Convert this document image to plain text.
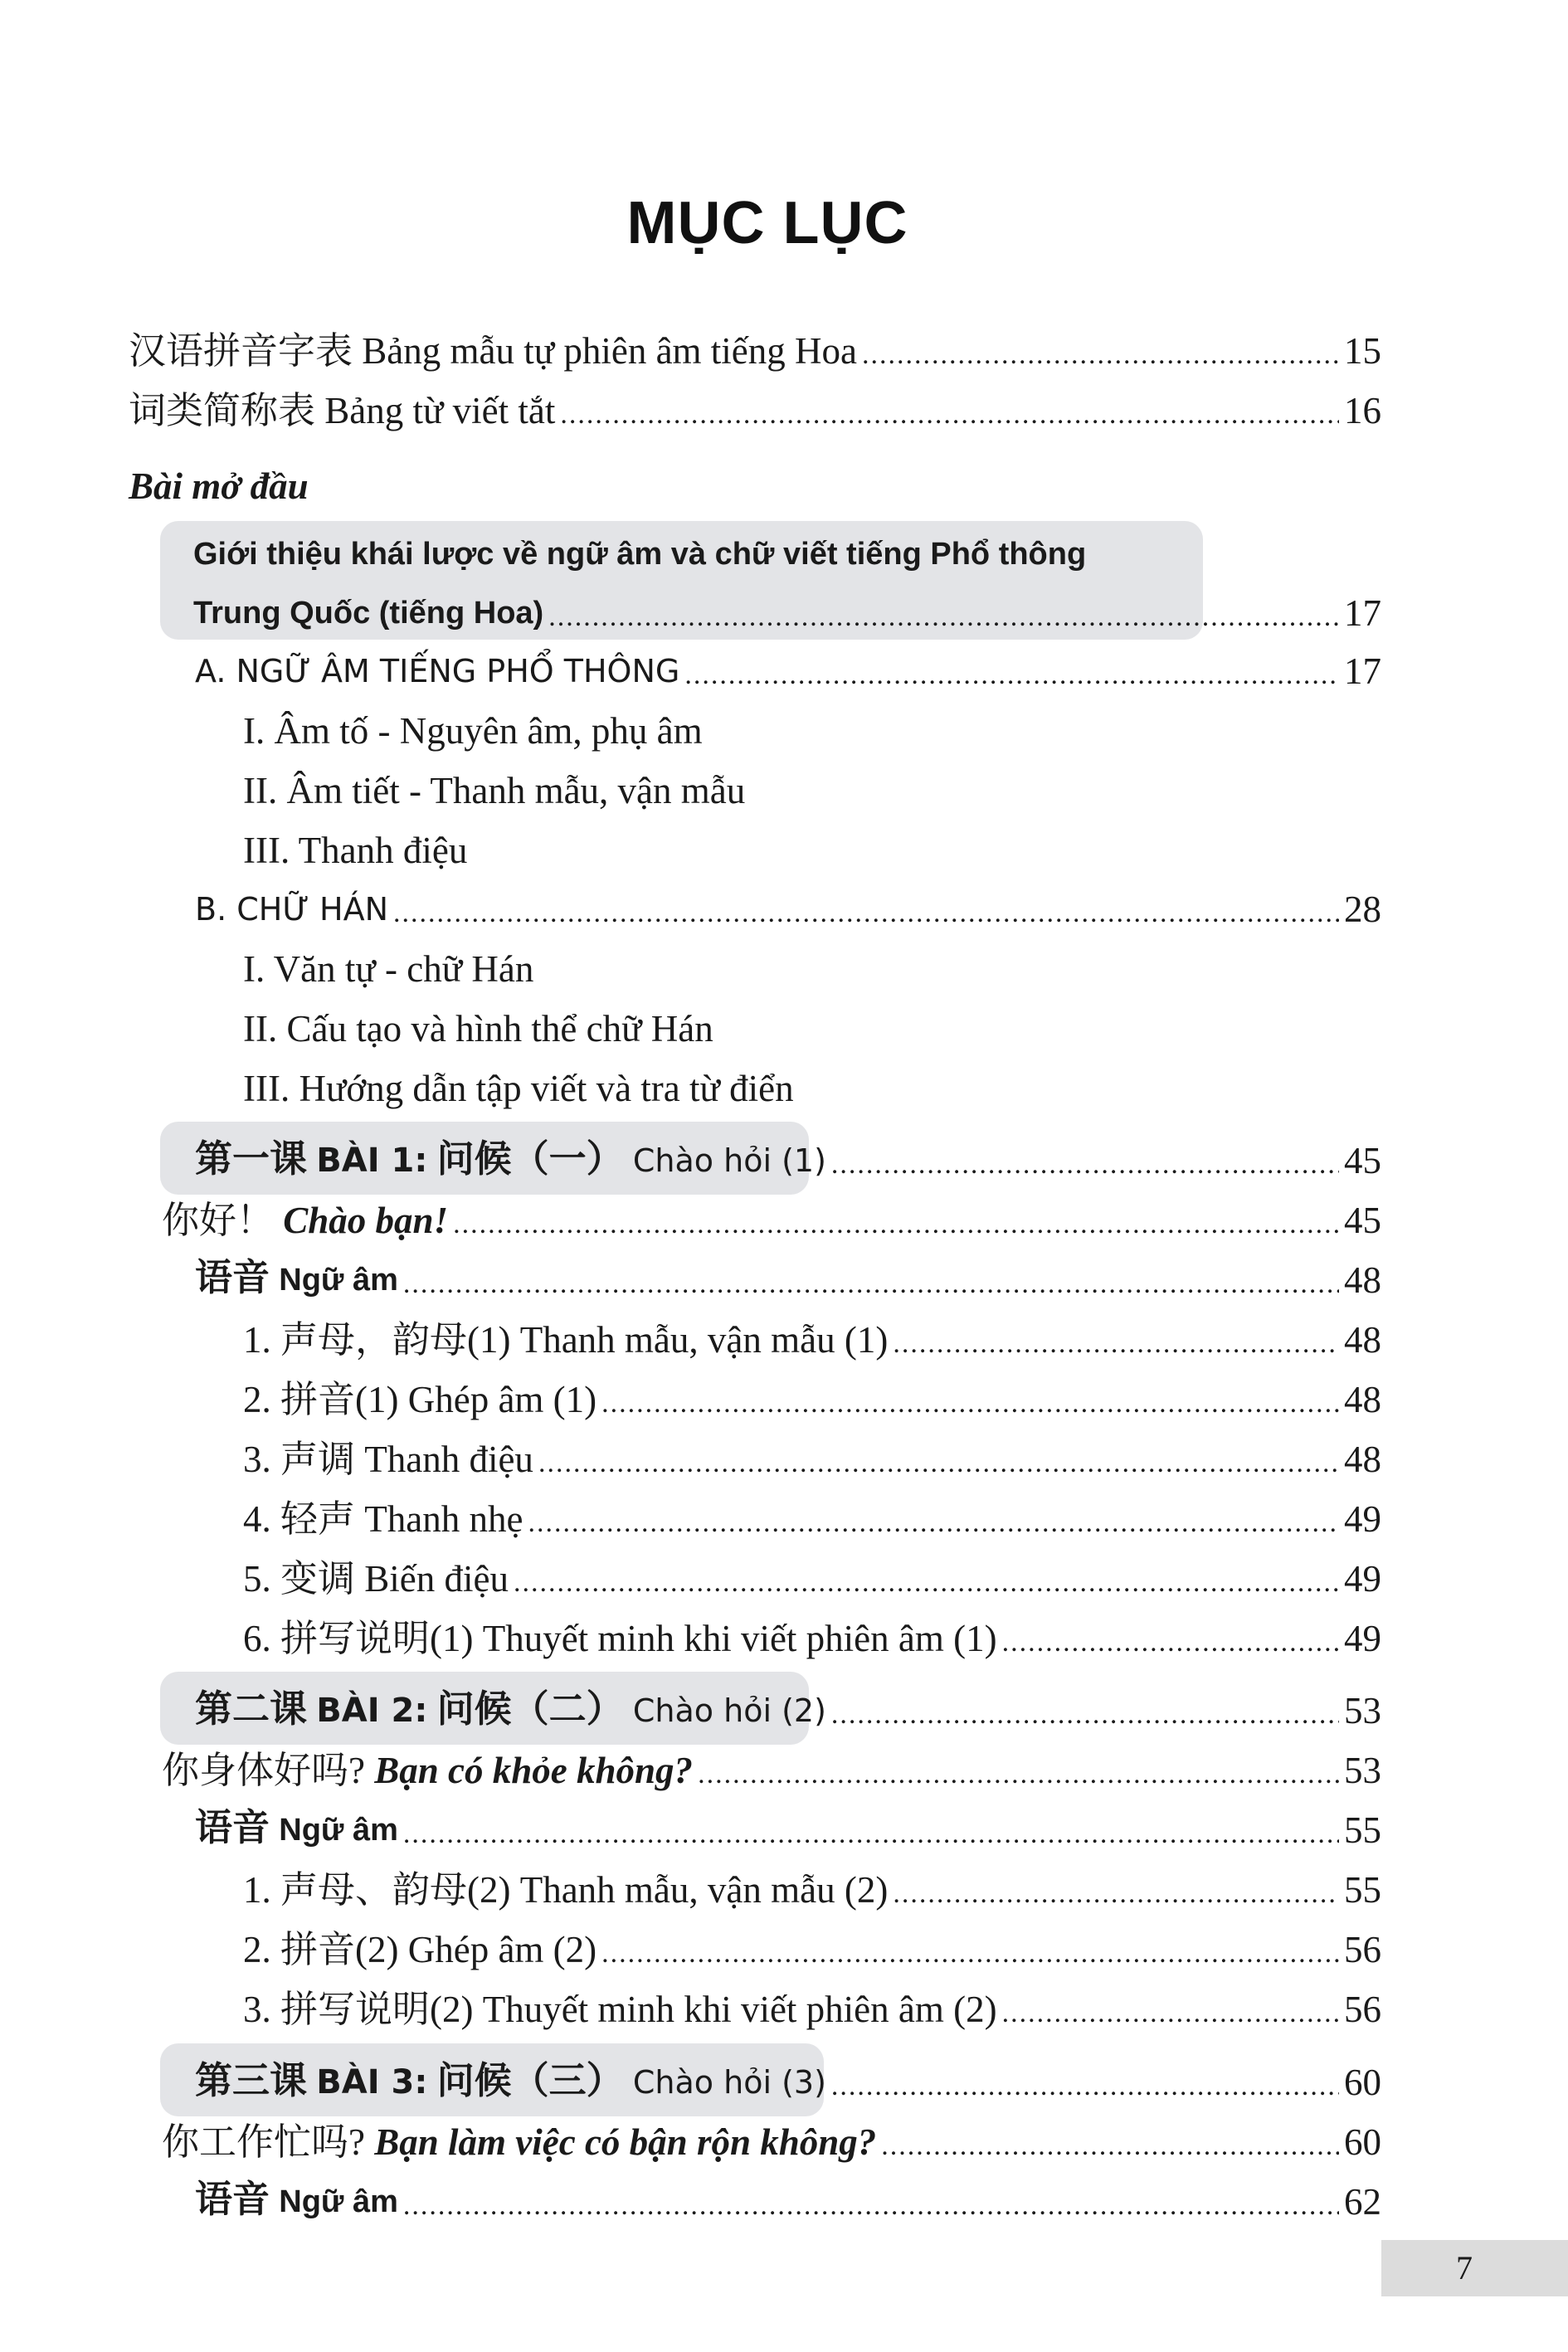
MỤC LỤC
汉语拼音字表 Bảng mẫu tự phiên âm tiếng Hoa .....	15
词类简称表 Bảng từ viết tắt .....	16
Bài mở đầu
Giới thiệu khái lược về ngữ âm và chữ viết tiếng Phổ thông
Trung Quốc (tiếng Hoa) .....	17
A. NGỮ ÂM TIẾNG PHỔ THÔNG .....	17
I. Âm tố - Nguyên âm, phụ âm
II. Âm tiết - Thanh mẫu, vận mẫu
III. Thanh điệu
B. CHỮ HÁN .....	28
I. Văn tự - chữ Hán
II. Cấu tạo và hình thể chữ Hán
III. Hướng dẫn tập viết và tra từ điển
第一课 BÀI 1: 问候（一） Chào hỏi (1) .....	45
你好！ Chào bạn! .....	45
语音 Ngữ âm .....	48
1. 声母，韵母(1) Thanh mẫu, vận mẫu (1) .....	48
2. 拼音(1) Ghép âm (1) .....	48
3. 声调 Thanh điệu .....	48
4. 轻声 Thanh nhẹ .....	49
5. 变调 Biến điệu .....	49
6. 拼写说明(1) Thuyết minh khi viết phiên âm (1) .....	49
第二课 BÀI 2: 问候（二） Chào hỏi (2) .....	53
你身体好吗? Bạn có khỏe không? .....	53
语音 Ngữ âm .....	55
1. 声母、韵母(2) Thanh mẫu, vận mẫu (2) .....	55
2. 拼音(2) Ghép âm (2) .....	56
3. 拼写说明(2) Thuyết minh khi viết phiên âm (2) .....	56
第三课 BÀI 3: 问候（三） Chào hỏi (3) .....	60
你工作忙吗? Bạn làm việc có bận rộn không? .....	60
语音 Ngữ âm .....	62
7
